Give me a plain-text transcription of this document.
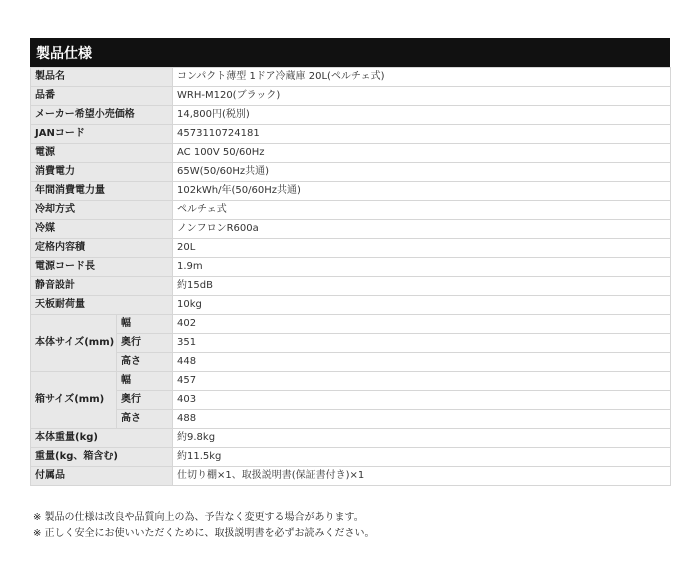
製品仕様
製品名		コンパクト薄型 1ドア冷蔵庫 20L(ペルチェ式)
品番		WRH-M120(ブラック)
メーカー希望小売価格		14,800円(税別)
JANコード		4573110724181
電源		AC 100V 50/60Hz
消費電力		65W(50/60Hz共通)
年間消費電力量		102kWh/年(50/60Hz共通)
冷却方式		ペルチェ式
冷媒		ノンフロンR600a
定格内容積		20L
電源コード長		1.9m
静音設計		約15dB
天板耐荷量		10kg
本体サイズ(mm)	幅	402
	奥行	351
	高さ	448
箱サイズ(mm)	幅	457
	奥行	403
	高さ	488
本体重量(kg)		約9.8kg
重量(kg、箱含む)		約11.5kg
付属品		仕切り棚×1、取扱説明書(保証書付き)×1
※ 製品の仕様は改良や品質向上の為、予告なく変更する場合があります。
※ 正しく安全にお使いいただくために、取扱説明書を必ずお読みください。
